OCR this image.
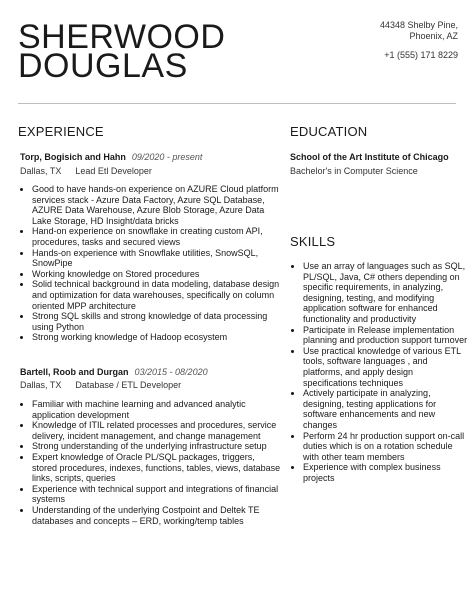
SHERWOOD
DOUGLAS
44348 Shelby Pine,
Phoenix, AZ
+1 (555) 171 8229
EXPERIENCE
Torp, Bogisich and Hahn 09/2020 - present
Dallas, TX Lead Etl Developer
• Good to have hands-on experience on AZURE Cloud platform services stack - Azure Data Factory, Azure SQL Database, AZURE Data Warehouse, Azure Blob Storage, Azure Data Lake Storage, HD Insight/data bricks
• Hand-on experience on snowflake in creating custom API, procedures, tasks and secured views
• Hands-on experience with Snowflake utilities, SnowSQL, SnowPipe
• Working knowledge on Stored procedures
• Solid technical background in data modeling, database design and optimization for data warehouses, specifically on column oriented MPP architecture
• Strong SQL skills and strong knowledge of data processing using Python
• Strong working knowledge of Hadoop ecosystem
Bartell, Roob and Durgan 03/2015 - 08/2020
Dallas, TX Database / ETL Developer
• Familiar with machine learning and advanced analytic application development
• Knowledge of ITIL related processes and procedures, service delivery, incident management, and change management
• Strong understanding of the underlying infrastructure setup
• Expert knowledge of Oracle PL/SQL packages, triggers, stored procedures, indexes, functions, tables, views, database links, scripts, queries
• Experience with technical support and integrations of financial systems
• Understanding of the underlying Costpoint and Deltek TE databases and concepts – ERD, working/temp tables
EDUCATION
School of the Art Institute of Chicago
Bachelor's in Computer Science
SKILLS
• Use an array of languages such as SQL, PL/SQL, Java, C# others depending on specific requirements, in analyzing, designing, testing, and modifying application software for enhanced functionality and productivity
• Participate in Release implementation planning and production support turnover
• Use practical knowledge of various ETL tools, software languages , and platforms, and apply design specifications techniques
• Actively participate in analyzing, designing, testing applications for software enhancements and new changes
• Perform 24 hr production support on-call duties which is on a rotation schedule with other team members
• Experience with complex business projects
